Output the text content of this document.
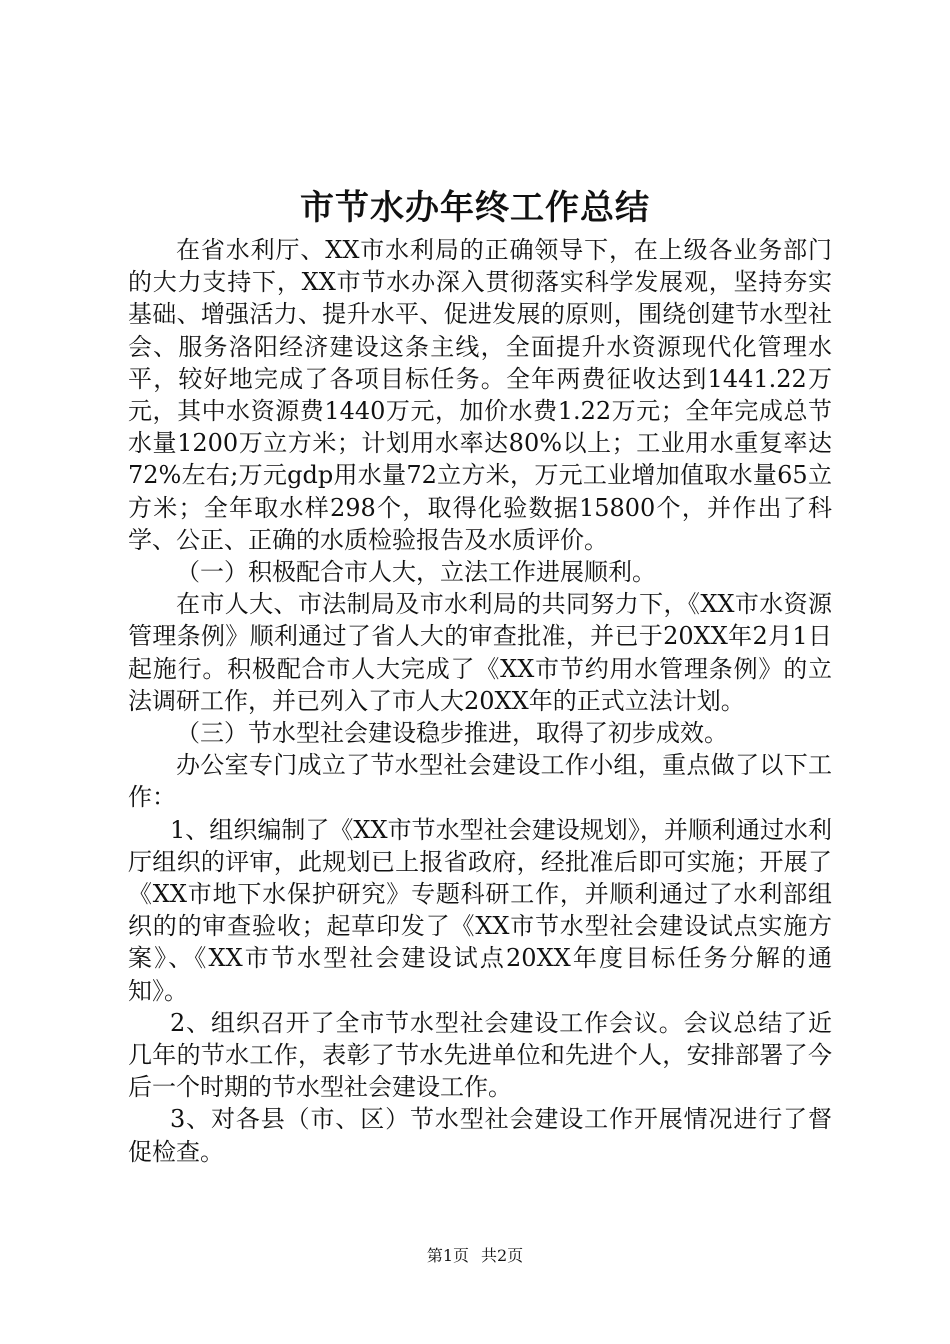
市节水办年终工作总结

在省水利厅、XX市水利局的正确领导下，在上级各业务部门的大力支持下，XX市节水办深入贯彻落实科学发展观，坚持夯实基础、增强活力、提升水平、促进发展的原则，围绕创建节水型社会、服务洛阳经济建设这条主线，全面提升水资源现代化管理水平，较好地完成了各项目标任务。全年两费征收达到1441.22万元，其中水资源费1440万元，加价水费1.22万元；全年完成总节水量1200万立方米；计划用水率达80%以上；工业用水重复率达72%左右;万元gdp用水量72立方米，万元工业增加值取水量65立方米；全年取水样298个，取得化验数据15800个，并作出了科学、公正、正确的水质检验报告及水质评价。

（一）积极配合市人大，立法工作进展顺利。

在市人大、市法制局及市水利局的共同努力下，《XX市水资源管理条例》顺利通过了省人大的审查批准，并已于20XX年2月1日起施行。积极配合市人大完成了《XX市节约用水管理条例》的立法调研工作，并已列入了市人大20XX年的正式立法计划。

（三）节水型社会建设稳步推进，取得了初步成效。

办公室专门成立了节水型社会建设工作小组，重点做了以下工作：

1、组织编制了《XX市节水型社会建设规划》，并顺利通过水利厅组织的评审，此规划已上报省政府，经批准后即可实施；开展了《XX市地下水保护研究》专题科研工作，并顺利通过了水利部组织的的审查验收；起草印发了《XX市节水型社会建设试点实施方案》、《XX市节水型社会建设试点20XX年度目标任务分解的通知》。

2、组织召开了全市节水型社会建设工作会议。会议总结了近几年的节水工作，表彰了节水先进单位和先进个人，安排部署了今后一个时期的节水型社会建设工作。

3、对各县（市、区）节水型社会建设工作开展情况进行了督促检查。

第1页 共2页
